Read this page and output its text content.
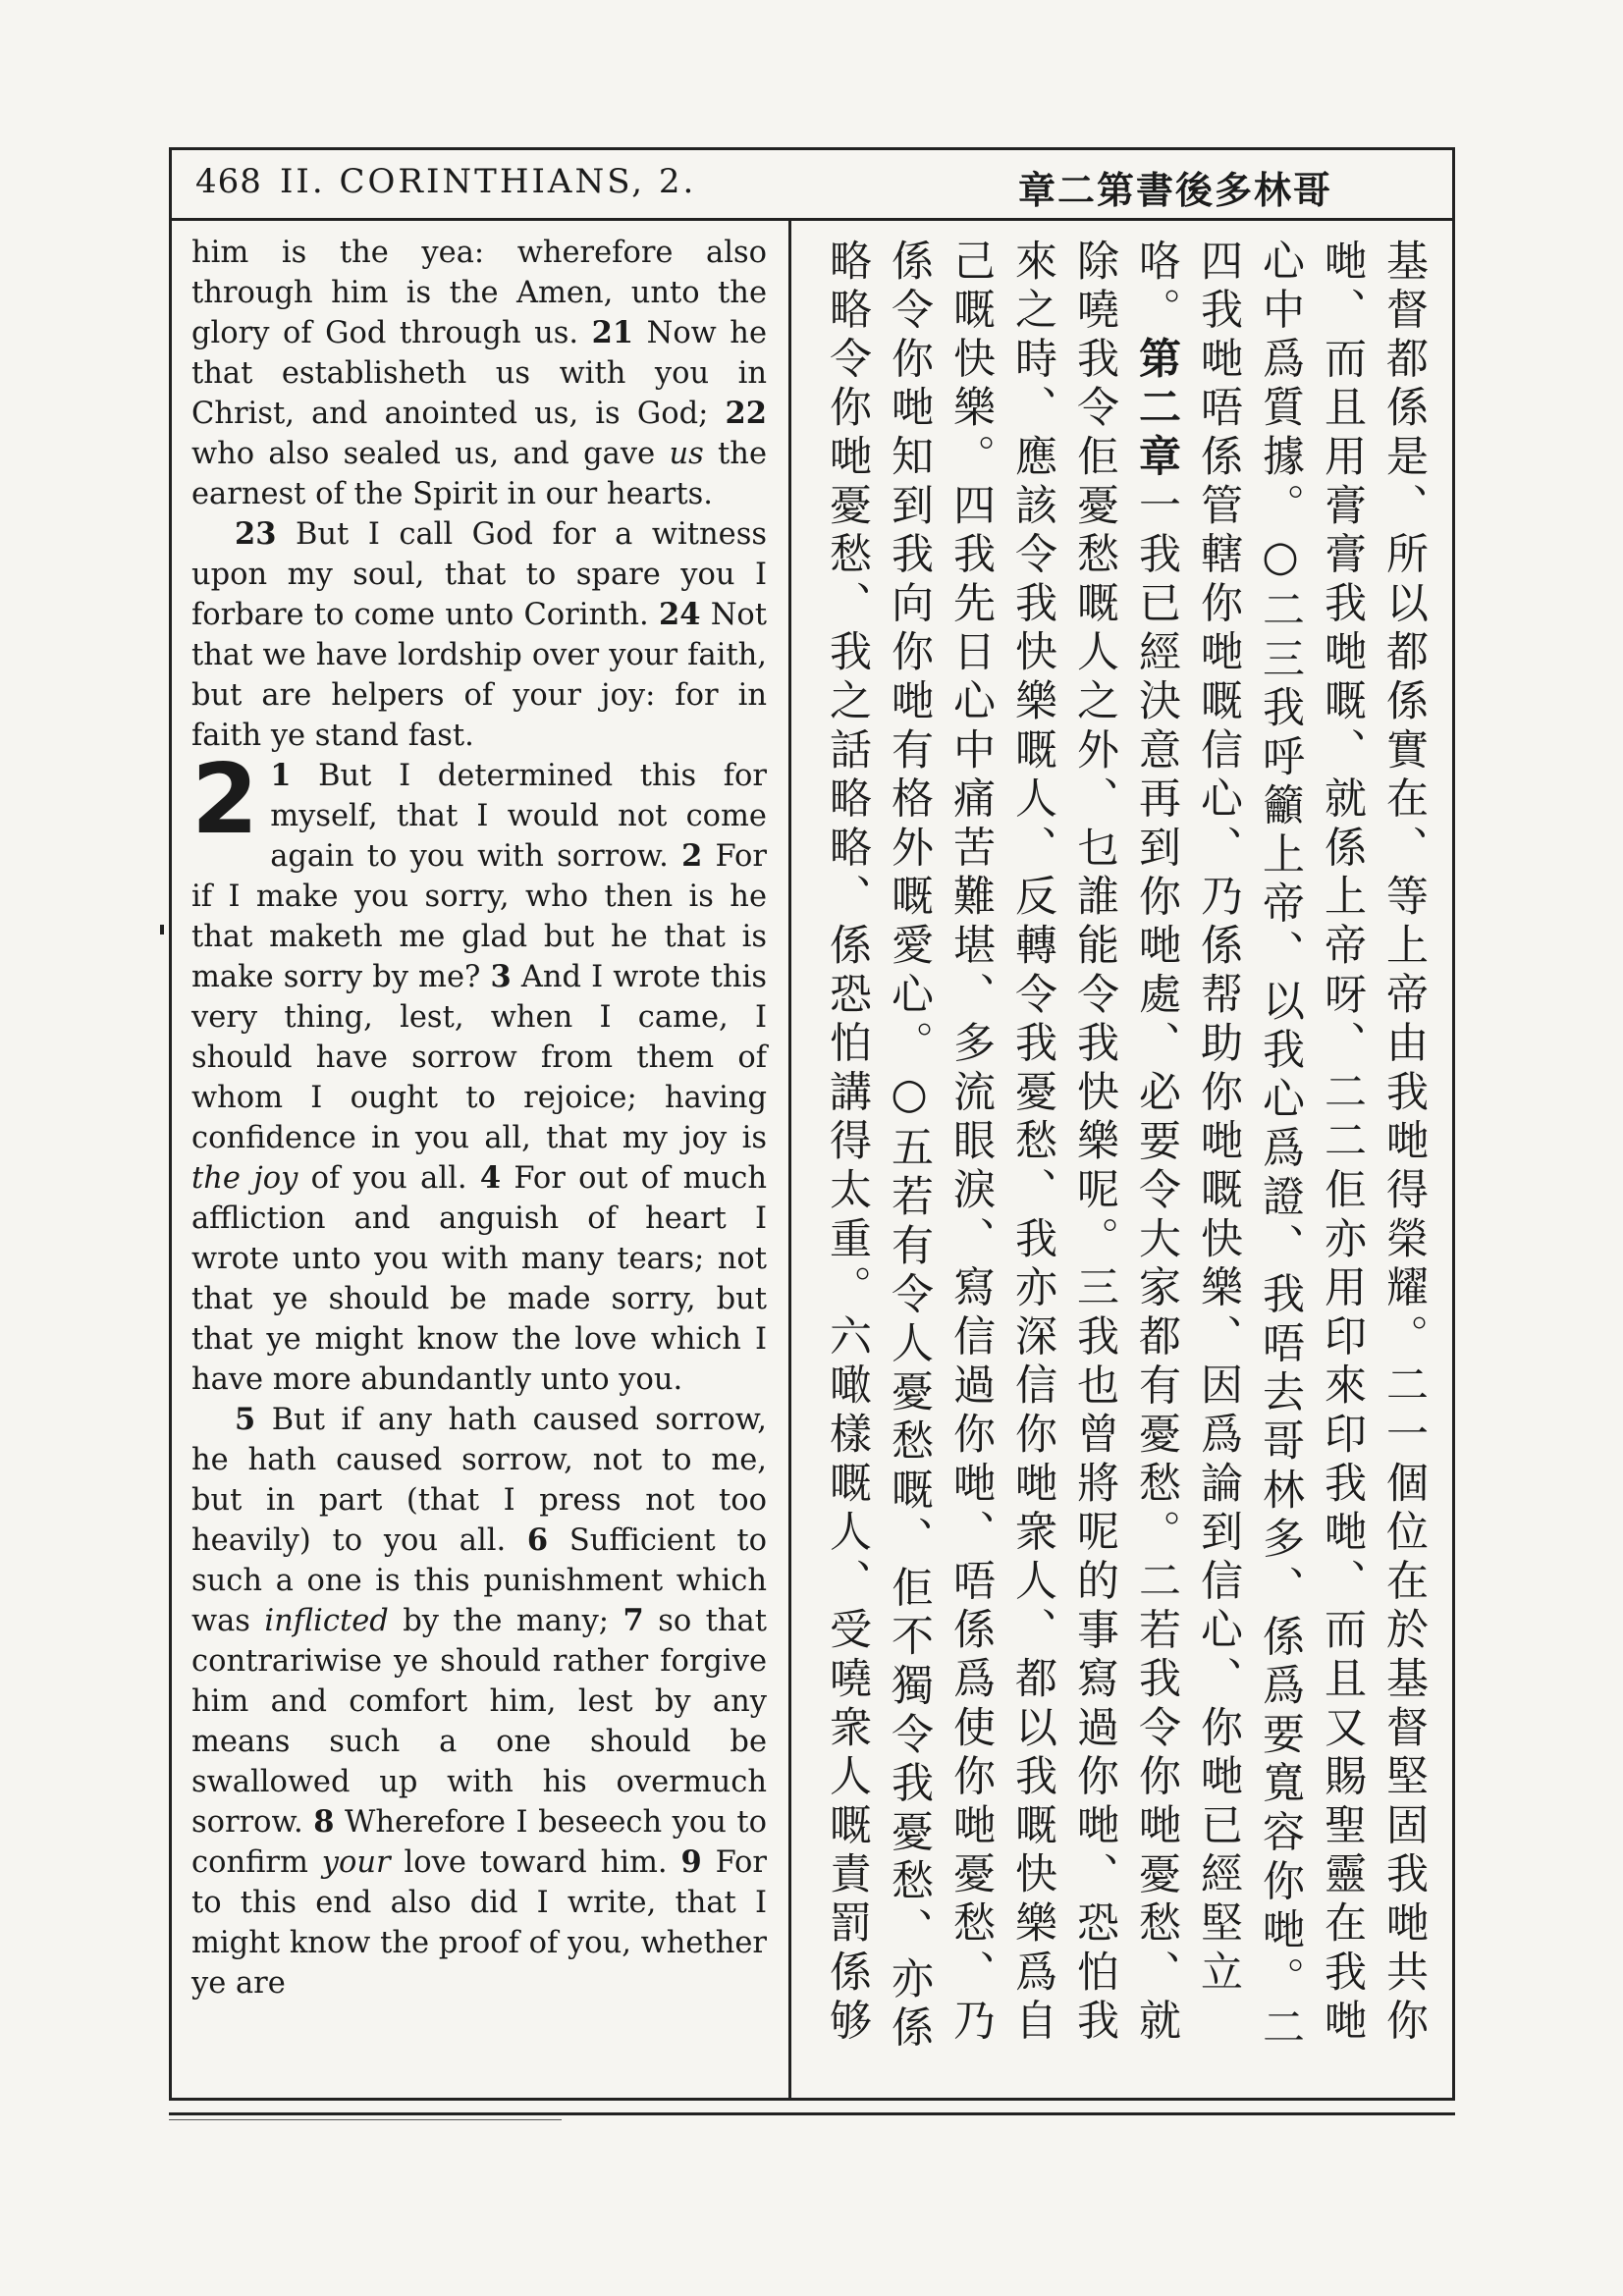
468 II. CORINTHIANS, 2.	章二第書後多林哥

him is the yea: wherefore also through him is the Amen, unto the glory of God through us. 21 Now he that establisheth us with you in Christ, and anointed us, is God; 22 who also sealed us, and gave us the earnest of the Spirit in our hearts.

23 But I call God for a witness upon my soul, that to spare you I forbare to come unto Corinth. 24 Not that we have lordship over your faith, but are helpers of your joy: for in faith ye stand fast.

2 1 But I determined this for myself, that I would not come again to you with sorrow. 2 For if I make you sorry, who then is he that maketh me glad but he that is make sorry by me? 3 And I wrote this very thing, lest, when I came, I should have sorrow from them of whom I ought to rejoice; having confidence in you all, that my joy is the joy of you all. 4 For out of much affliction and anguish of heart I wrote unto you with many tears; not that ye should be made sorry, but that ye might know the love which I have more abundantly unto you.

5 But if any hath caused sorrow, he hath caused sorrow, not to me, but in part (that I press not too heavily) to you all. 6 Sufficient to such a one is this punishment which was inflicted by the many; 7 so that contrariwise ye should rather forgive him and comfort him, lest by any means such a one should be swallowed up with his overmuch sorrow. 8 Wherefore I beseech you to confirm your love toward him. 9 For to this end also did I write, that I might know the proof of you, whether ye are

基督都係是、所以都係實在、等上帝由我哋得榮耀。二一個位在於基督堅固我哋共你哋、而且用膏膏我哋嘅、就係上帝呀、二二佢亦用印來印我哋、而且又賜聖靈在我哋心中爲質據。○二三我呼籲上帝、以我心爲證、我唔去哥林多、係爲要寬容你哋。二四我哋唔係管轄你哋嘅信心、乃係帮助你哋嘅快樂、因爲論到信心、你哋已經堅立咯。第二章一我已經決意再到你哋處、必要令大家都有憂愁。二若我令你哋憂愁、就除嘵我令佢憂愁嘅人之外、乜誰能令我快樂呢。三我也曾將呢的事寫過你哋、恐怕我來之時、應該令我快樂嘅人、反轉令我憂愁、我亦深信你哋衆人、都以我嘅快樂爲自己嘅快樂。四我先日心中痛苦難堪、多流眼淚、寫信過你哋、唔係爲使你哋憂愁、乃係令你哋知到我向你哋有格外嘅愛心。○五若有令人憂愁嘅、佢不獨令我憂愁、亦係略略令你哋憂愁、我之話略略、係恐怕講得太重。六噉樣嘅人、受嘵衆人嘅責罰係够
